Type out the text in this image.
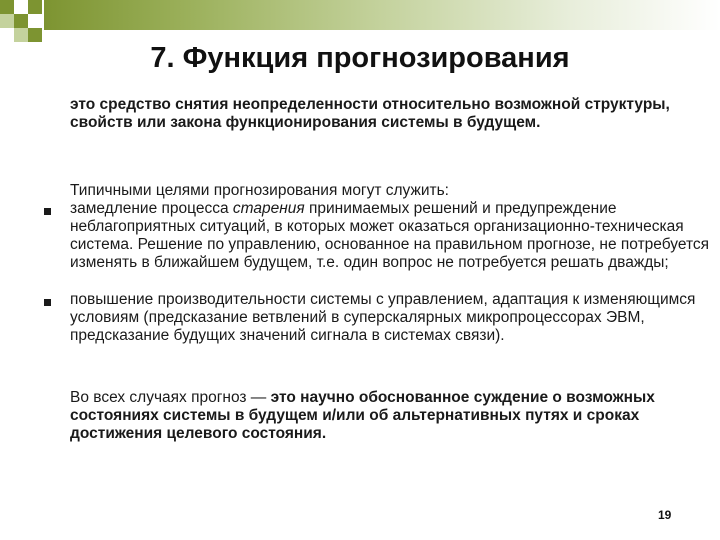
7. Функция прогнозирования

это средство снятия неопределенности относительно возможной структуры, свойств или закона функционирования системы в будущем.

Типичными целями прогнозирования могут служить:

замедление процесса старения принимаемых решений и предупреждение неблагоприятных ситуаций, в которых может оказаться организационно-техническая система. Решение по управлению, основанное на правильном прогнозе, не потребуется изменять в ближайшем будущем, т.е. один вопрос не потребуется решать дважды;

повышение производительности системы с управлением, адаптация к изменяющимся условиям (предсказание ветвлений в суперскалярных микропроцессорах ЭВМ, предсказание будущих значений сигнала в системах связи).

Во всех случаях прогноз — это научно обоснованное суждение о возможных состояниях системы в будущем и/или об альтернативных путях и сроках достижения целевого состояния.

19
